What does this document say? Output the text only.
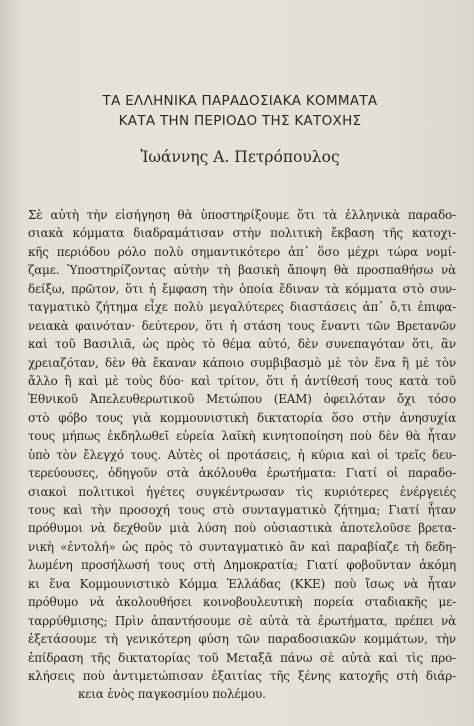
ΤΑ ΕΛΛΗΝΙΚΑ ΠΑΡΑΔΟΣΙΑΚΑ ΚΟΜΜΑΤΑ
ΚΑΤΑ ΤΗΝ ΠΕΡΙΟΔΟ ΤΗΣ ΚΑΤΟΧΗΣ
Ἰωάννης Α. Πετρόπουλος
Σὲ αὐτὴ τὴν εἰσήγηση θὰ ὑποστηρίξουμε ὅτι τὰ ἑλληνικὰ παραδο-
σιακὰ κόμματα διαδραμάτισαν στὴν πολιτικὴ ἔκβαση τῆς κατοχι-
κῆς περιόδου ρόλο πολὺ σημαντικότερο ἀπ᾿ ὅσο μέχρι τώρα νομί-
ζαμε. Ὑποστηρίζοντας αὐτὴν τὴ βασικὴ ἄποψη θὰ προσπαθήσω νὰ
δείξω, πρῶτον, ὅτι ἡ ἔμφαση τὴν ὁποία ἔδιναν τὰ κόμματα στὸ συν-
ταγματικὸ ζήτημα εἶχε πολὺ μεγαλύτερες διαστάσεις ἀπ᾿ ὅ,τι ἐπιφα-
νειακὰ φαινόταν· δεύτερον, ὅτι ἡ στάση τους ἔναντι τῶν Βρετανῶν
καὶ τοῦ Βασιλιᾶ, ὡς πρὸς τὸ θέμα αὐτό, δὲν συνεπαγόταν ὅτι, ἂν
χρειαζόταν, δὲν θὰ ἔκαναν κάποιο συμβιβασμὸ μὲ τὸν ἕνα ἢ μὲ τὸν
ἄλλο ἢ καὶ μὲ τοὺς δύο· καὶ τρίτον, ὅτι ἡ ἀντίθεσή τους κατὰ τοῦ
Ἐθνικοῦ Ἀπελευθερωτικοῦ Μετώπου (ΕΑΜ) ὀφειλόταν ὄχι τόσο
στὸ φόβο τους γιὰ κομμουνιστικὴ δικτατορία ὅσο στὴν ἀνησυχία
τους μήπως ἐκδηλωθεῖ εὐρεία λαϊκὴ κινητοποίηση ποὺ δὲν θὰ ἦταν
ὑπὸ τὸν ἔλεγχό τους. Αὐτὲς οἱ προτάσεις, ἡ κύρια καὶ οἱ τρεῖς δευ-
τερεύουσες, ὁδηγοῦν στὰ ἀκόλουθα ἐρωτήματα: Γιατί οἱ παραδο-
σιακοὶ πολιτικοὶ ἡγέτες συγκέντρωσαν τὶς κυριότερες ἐνέργειές
τους καὶ τὴν προσοχή τους στὸ συνταγματικὸ ζήτημα; Γιατί ἦταν
πρόθυμοι νὰ δεχθοῦν μιὰ λύση ποὺ οὐσιαστικὰ ἀποτελοῦσε βρετα-
νικὴ «ἐντολή» ὡς πρὸς τὸ συνταγματικὸ ἂν καὶ παραβίαζε τὴ δεδη-
λωμένη προσήλωσή τους στὴ Δημοκρατία; Γιατί φοβοῦνταν ἀκόμη
κι ἕνα Κομμουνιστικὸ Κόμμα Ἑλλάδας (ΚΚΕ) ποὺ ἴσως νὰ ἦταν
πρόθυμο νὰ ἀκολουθήσει κοινοβουλευτικὴ πορεία σταδιακῆς με-
ταρρύθμισης; Πρὶν ἀπαντήσουμε σὲ αὐτὰ τὰ ἐρωτήματα, πρέπει νὰ
ἐξετάσουμε τὴ γενικότερη φύση τῶν παραδοσιακῶν κομμάτων, τὴν
ἐπίδραση τῆς δικτατορίας τοῦ Μεταξᾶ πάνω σὲ αὐτὰ καὶ τὶς προ-
κλήσεις ποὺ ἀντιμετώπισαν ἐξαιτίας τῆς ξένης κατοχῆς στὴ διάρ-
κεια ἑνὸς παγκοσμίου πολέμου.
